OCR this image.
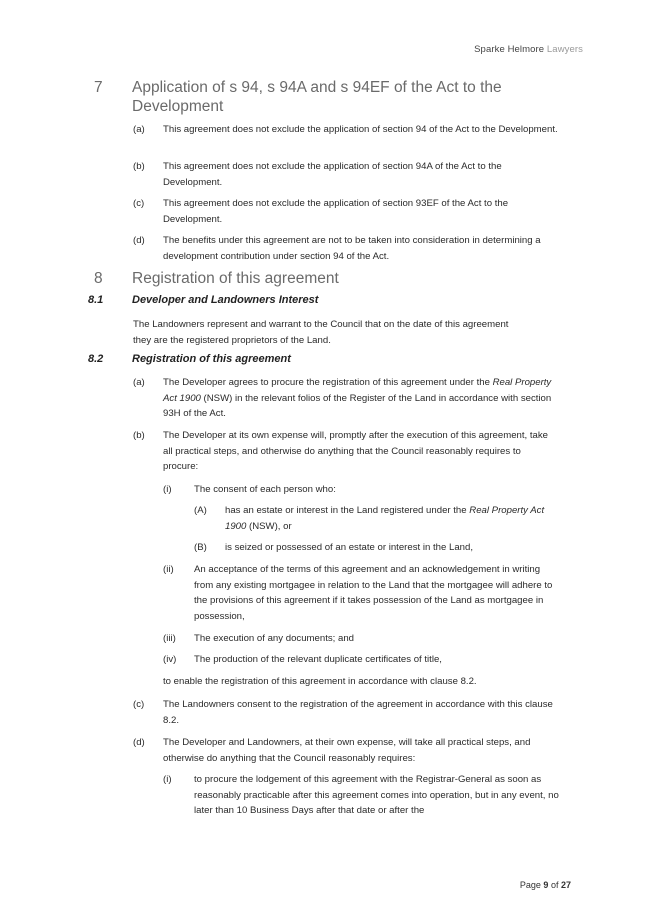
Sparke Helmore Lawyers
7 Application of s 94, s 94A and s 94EF of the Act to the Development
(a) This agreement does not exclude the application of section 94 of the Act to the Development.
(b) This agreement does not exclude the application of section 94A of the Act to the Development.
(c) This agreement does not exclude the application of section 93EF of the Act to the Development.
(d) The benefits under this agreement are not to be taken into consideration in determining a development contribution under section 94 of the Act.
8 Registration of this agreement
8.1	Developer and Landowners Interest
The Landowners represent and warrant to the Council that on the date of this agreement they are the registered proprietors of the Land.
8.2	Registration of this agreement
(a) The Developer agrees to procure the registration of this agreement under the Real Property Act 1900 (NSW) in the relevant folios of the Register of the Land in accordance with section 93H of the Act.
(b) The Developer at its own expense will, promptly after the execution of this agreement, take all practical steps, and otherwise do anything that the Council reasonably requires to procure:
(i) The consent of each person who:
(A) has an estate or interest in the Land registered under the Real Property Act 1900 (NSW), or
(B) is seized or possessed of an estate or interest in the Land,
(ii) An acceptance of the terms of this agreement and an acknowledgement in writing from any existing mortgagee in relation to the Land that the mortgagee will adhere to the provisions of this agreement if it takes possession of the Land as mortgagee in possession,
(iii) The execution of any documents; and
(iv) The production of the relevant duplicate certificates of title,
to enable the registration of this agreement in accordance with clause 8.2.
(c) The Landowners consent to the registration of the agreement in accordance with this clause 8.2.
(d) The Developer and Landowners, at their own expense, will take all practical steps, and otherwise do anything that the Council reasonably requires:
(i) to procure the lodgement of this agreement with the Registrar-General as soon as reasonably practicable after this agreement comes into operation, but in any event, no later than 10 Business Days after that date or after the
Page 9 of 27
